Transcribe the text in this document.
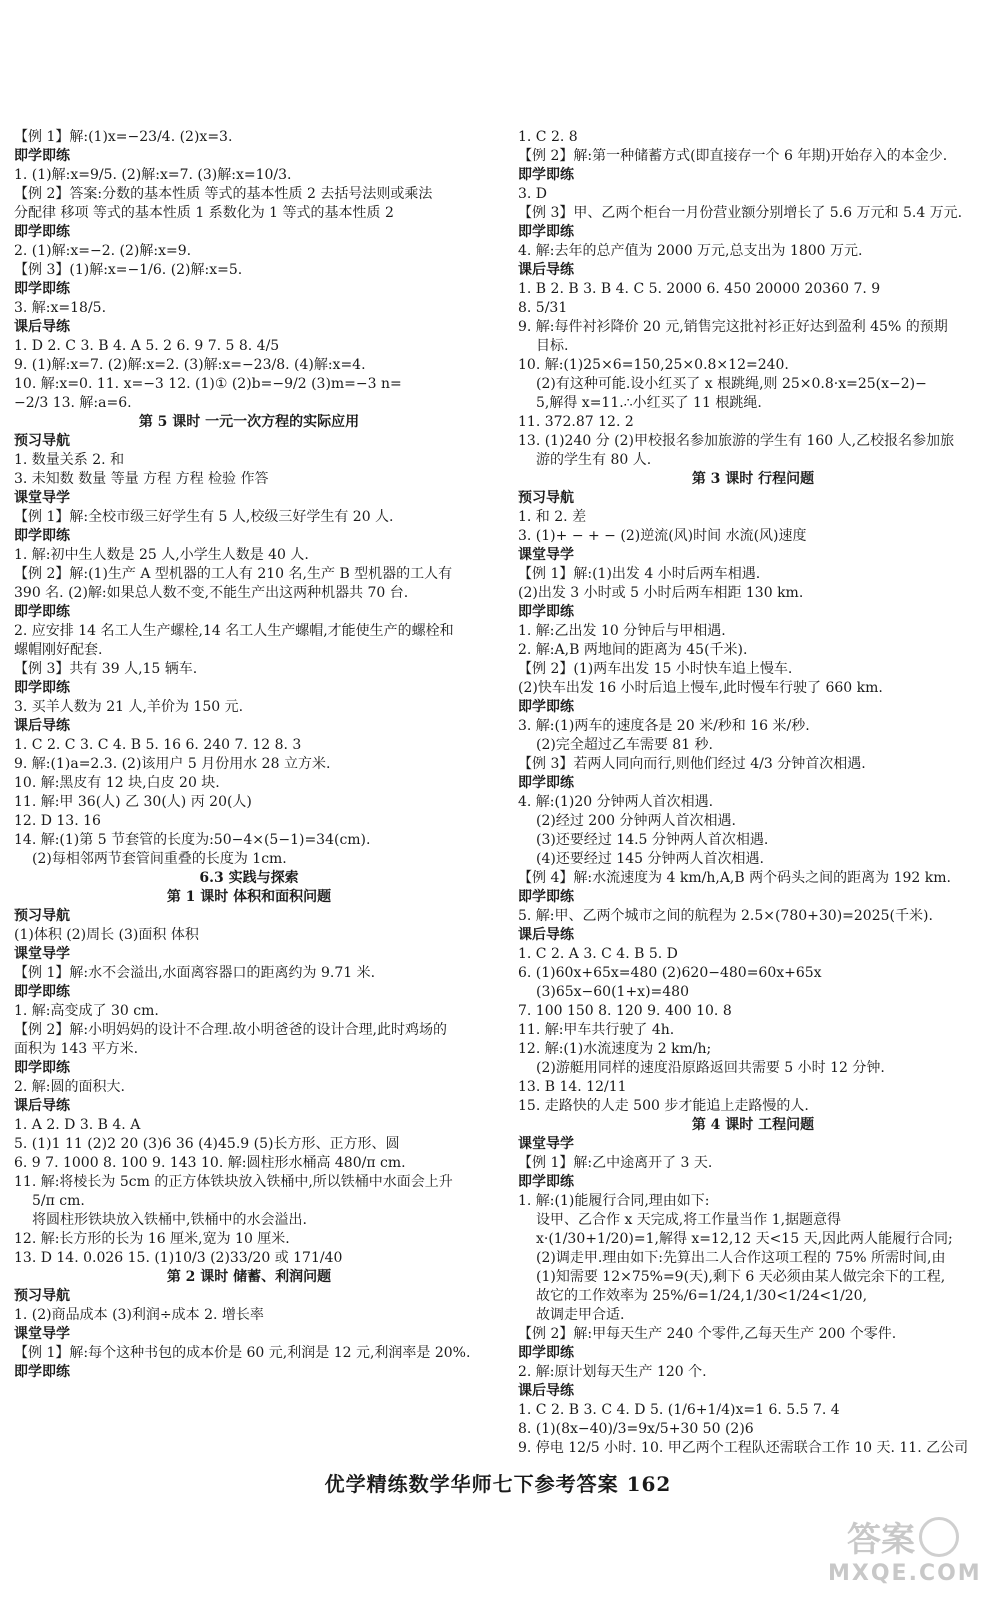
【例 1】解:(1)x=−23/4. (2)x=3.
即学即练
1. (1)解:x=9/5. (2)解:x=7. (3)解:x=10/3.
【例 2】答案:分数的基本性质 等式的基本性质 2 去括号法则或乘法
分配律 移项 等式的基本性质 1 系数化为 1 等式的基本性质 2
即学即练
2. (1)解:x=−2. (2)解:x=9.
【例 3】(1)解:x=−1/6. (2)解:x=5.
即学即练
3. 解:x=18/5.
课后导练
1. D 2. C 3. B 4. A 5. 2 6. 9 7. 5 8. 4/5
9. (1)解:x=7. (2)解:x=2. (3)解:x=−23/8. (4)解:x=4.
10. 解:x=0. 11. x=−3 12. (1)① (2)b=−9/2 (3)m=−3 n=
−2/3 13. 解:a=6.
第 5 课时 一元一次方程的实际应用
预习导航
1. 数量关系 2. 和
3. 未知数 数量 等量 方程 方程 检验 作答
课堂导学
【例 1】解:全校市级三好学生有 5 人,校级三好学生有 20 人.
即学即练
1. 解:初中生人数是 25 人,小学生人数是 40 人.
【例 2】解:(1)生产 A 型机器的工人有 210 名,生产 B 型机器的工人有
390 名. (2)解:如果总人数不变,不能生产出这两种机器共 70 台.
即学即练
2. 应安排 14 名工人生产螺栓,14 名工人生产螺帽,才能使生产的螺栓和
螺帽刚好配套.
【例 3】共有 39 人,15 辆车.
即学即练
3. 买羊人数为 21 人,羊价为 150 元.
课后导练
1. C 2. C 3. C 4. B 5. 16 6. 240 7. 12 8. 3
9. 解:(1)a=2.3. (2)该用户 5 月份用水 28 立方米.
10. 解:黑皮有 12 块,白皮 20 块.
11. 解:甲 36(人) 乙 30(人) 丙 20(人)
12. D 13. 16
14. 解:(1)第 5 节套管的长度为:50−4×(5−1)=34(cm).
(2)每相邻两节套管间重叠的长度为 1cm.
6.3 实践与探索
第 1 课时 体积和面积问题
预习导航
(1)体积 (2)周长 (3)面积 体积
课堂导学
【例 1】解:水不会溢出,水面离容器口的距离约为 9.71 米.
即学即练
1. 解:高变成了 30 cm.
【例 2】解:小明妈妈的设计不合理.故小明爸爸的设计合理,此时鸡场的
面积为 143 平方米.
即学即练
2. 解:圆的面积大.
课后导练
1. A 2. D 3. B 4. A
5. (1)1 11 (2)2 20 (3)6 36 (4)45.9 (5)长方形、正方形、圆
6. 9 7. 1000 8. 100 9. 143 10. 解:圆柱形水桶高 480/π cm.
11. 解:将棱长为 5cm 的正方体铁块放入铁桶中,所以铁桶中水面会上升
5/π cm.
将圆柱形铁块放入铁桶中,铁桶中的水会溢出.
12. 解:长方形的长为 16 厘米,宽为 10 厘米.
13. D 14. 0.026 15. (1)10/3 (2)33/20 或 171/40
第 2 课时 储蓄、利润问题
预习导航
1. (2)商品成本 (3)利润÷成本 2. 增长率
课堂导学
【例 1】解:每个这种书包的成本价是 60 元,利润是 12 元,利润率是 20%.
即学即练
1. C 2. 8
【例 2】解:第一种储蓄方式(即直接存一个 6 年期)开始存入的本金少.
即学即练
3. D
【例 3】甲、乙两个柜台一月份营业额分别增长了 5.6 万元和 5.4 万元.
即学即练
4. 解:去年的总产值为 2000 万元,总支出为 1800 万元.
课后导练
1. B 2. B 3. B 4. C 5. 2000 6. 450 20000 20360 7. 9
8. 5/31
9. 解:每件衬衫降价 20 元,销售完这批衬衫正好达到盈利 45% 的预期
目标.
10. 解:(1)25×6=150,25×0.8×12=240.
(2)有这种可能.设小红买了 x 根跳绳,则 25×0.8·x=25(x−2)−
5,解得 x=11.∴小红买了 11 根跳绳.
11. 372.87 12. 2
13. (1)240 分 (2)甲校报名参加旅游的学生有 160 人,乙校报名参加旅
游的学生有 80 人.
第 3 课时 行程问题
预习导航
1. 和 2. 差
3. (1)+ − + − (2)逆流(风)时间 水流(风)速度
课堂导学
【例 1】解:(1)出发 4 小时后两车相遇.
(2)出发 3 小时或 5 小时后两车相距 130 km.
即学即练
1. 解:乙出发 10 分钟后与甲相遇.
2. 解:A,B 两地间的距离为 45(千米).
【例 2】(1)两车出发 15 小时快车追上慢车.
(2)快车出发 16 小时后追上慢车,此时慢车行驶了 660 km.
即学即练
3. 解:(1)两车的速度各是 20 米/秒和 16 米/秒.
(2)完全超过乙车需要 81 秒.
【例 3】若两人同向而行,则他们经过 4/3 分钟首次相遇.
即学即练
4. 解:(1)20 分钟两人首次相遇.
(2)经过 200 分钟两人首次相遇.
(3)还要经过 14.5 分钟两人首次相遇.
(4)还要经过 145 分钟两人首次相遇.
【例 4】解:水流速度为 4 km/h,A,B 两个码头之间的距离为 192 km.
即学即练
5. 解:甲、乙两个城市之间的航程为 2.5×(780+30)=2025(千米).
课后导练
1. C 2. A 3. C 4. B 5. D
6. (1)60x+65x=480 (2)620−480=60x+65x
(3)65x−60(1+x)=480
7. 100 150 8. 120 9. 400 10. 8
11. 解:甲车共行驶了 4h.
12. 解:(1)水流速度为 2 km/h;
(2)游艇用同样的速度沿原路返回共需要 5 小时 12 分钟.
13. B 14. 12/11
15. 走路快的人走 500 步才能追上走路慢的人.
第 4 课时 工程问题
课堂导学
【例 1】解:乙中途离开了 3 天.
即学即练
1. 解:(1)能履行合同,理由如下:
设甲、乙合作 x 天完成,将工作量当作 1,据题意得
x·(1/30+1/20)=1,解得 x=12,12 天<15 天,因此两人能履行合同;
(2)调走甲.理由如下:先算出二人合作这项工程的 75% 所需时间,由
(1)知需要 12×75%=9(天),剩下 6 天必须由某人做完余下的工程,
故它的工作效率为 25%/6=1/24,1/30<1/24<1/20,
故调走甲合适.
【例 2】解:甲每天生产 240 个零件,乙每天生产 200 个零件.
即学即练
2. 解:原计划每天生产 120 个.
课后导练
1. C 2. B 3. C 4. D 5. (1/6+1/4)x=1 6. 5.5 7. 4
8. (1)(8x−40)/3=9x/5+30 50 (2)6
9. 停电 12/5 小时. 10. 甲乙两个工程队还需联合工作 10 天. 11. 乙公司
优学精练数学华师七下参考答案 162
答案
MXQE.COM
